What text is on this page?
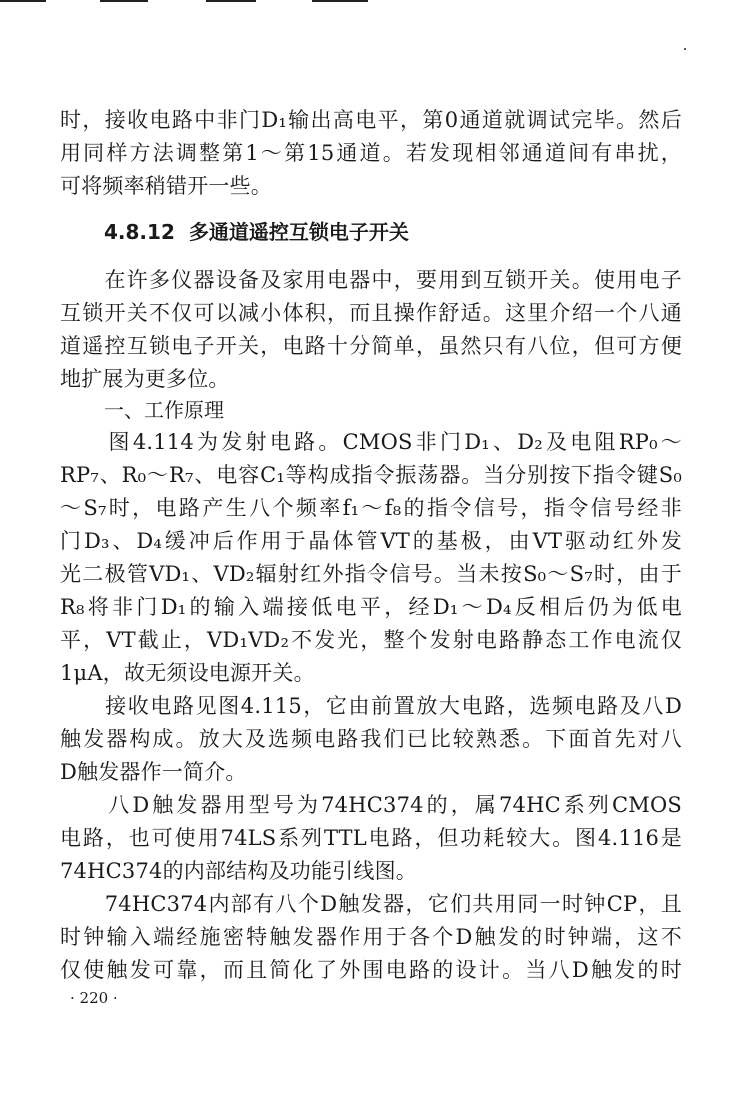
时，接收电路中非门D₁输出高电平，第0通道就调试完毕。然后
用同样方法调整第1～第15通道。若发现相邻通道间有串扰，
可将频率稍错开一些。
4.8.12 多通道遥控互锁电子开关
　　在许多仪器设备及家用电器中，要用到互锁开关。使用电子
互锁开关不仅可以减小体积，而且操作舒适。这里介绍一个八通
道遥控互锁电子开关，电路十分简单，虽然只有八位，但可方便
地扩展为更多位。
一、工作原理
　　图4.114为发射电路。CMOS非门D₁、D₂及电阻RP₀～
RP₇、R₀～R₇、电容C₁等构成指令振荡器。当分别按下指令键S₀
～S₇时，电路产生八个频率f₁～f₈的指令信号，指令信号经非
门D₃、D₄缓冲后作用于晶体管VT的基极，由VT驱动红外发
光二极管VD₁、VD₂辐射红外指令信号。当未按S₀～S₇时，由于
R₈将非门D₁的输入端接低电平，经D₁～D₄反相后仍为低电
平，VT截止，VD₁VD₂不发光，整个发射电路静态工作电流仅
1μA，故无须设电源开关。
　　接收电路见图4.115，它由前置放大电路，选频电路及八D
触发器构成。放大及选频电路我们已比较熟悉。下面首先对八
D触发器作一简介。
　　八D触发器用型号为74HC374的，属74HC系列CMOS
电路，也可使用74LS系列TTL电路，但功耗较大。图4.116是
74HC374的内部结构及功能引线图。
　　74HC374内部有八个D触发器，它们共用同一时钟CP，且
时钟输入端经施密特触发器作用于各个D触发的时钟端，这不
仅使触发可靠，而且简化了外围电路的设计。当八D触发的时
· 220 ·
